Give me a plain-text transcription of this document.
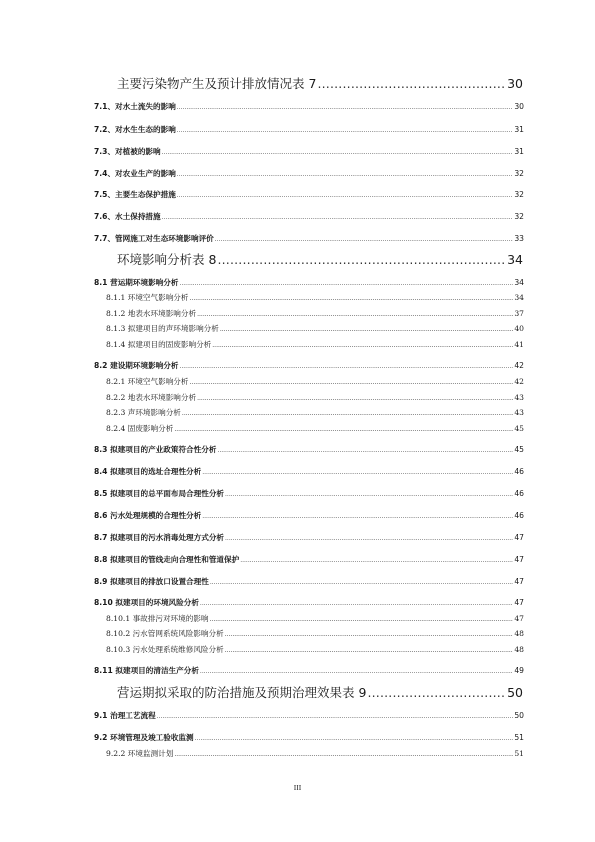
主要污染物产生及预计排放情况表 7 .....	30
7.1、对水土流失的影响 .....	30
7.2、对水生生态的影响 .....	31
7.3、对植被的影响 .....	31
7.4、对农业生产的影响 .....	32
7.5、主要生态保护措施 .....	32
7.6、水土保持措施 .....	32
7.7、管网施工对生态环境影响评价 .....	33
环境影响分析表 8 .....	34
8.1 营运期环境影响分析 .....	34
8.1.1 环境空气影响分析 .....	34
8.1.2 地表水环境影响分析 .....	37
8.1.3 拟建项目的声环境影响分析 .....	40
8.1.4 拟建项目的固废影响分析 .....	41
8.2 建设期环境影响分析 .....	42
8.2.1 环境空气影响分析 .....	42
8.2.2 地表水环境影响分析 .....	43
8.2.3 声环境影响分析 .....	43
8.2.4 固废影响分析 .....	45
8.3 拟建项目的产业政策符合性分析 .....	45
8.4 拟建项目的选址合理性分析 .....	46
8.5 拟建项目的总平面布局合理性分析 .....	46
8.6 污水处理规模的合理性分析 .....	46
8.7 拟建项目的污水消毒处理方式分析 .....	47
8.8 拟建项目的管线走向合理性和管道保护 .....	47
8.9 拟建项目的排放口设置合理性 .....	47
8.10 拟建项目的环境风险分析 .....	47
8.10.1 事故排污对环境的影响 .....	47
8.10.2 污水管网系统风险影响分析 .....	48
8.10.3 污水处理系统维修风险分析 .....	48
8.11 拟建项目的清洁生产分析 .....	49
营运期拟采取的防治措施及预期治理效果表 9 .....	50
9.1 治理工艺流程 .....	50
9.2 环境管理及竣工验收监测 .....	51
9.2.2 环境监测计划 .....	51
III
